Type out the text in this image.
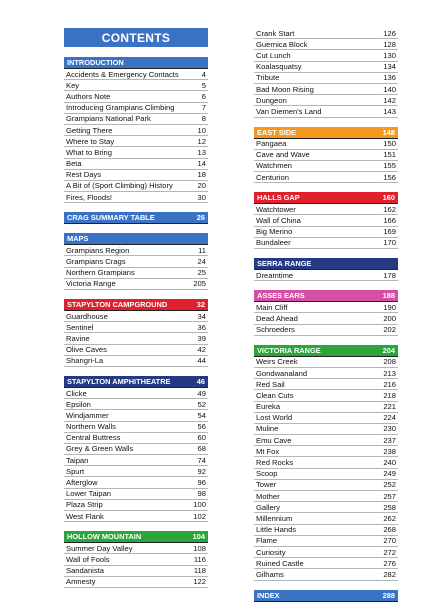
CONTENTS
INTRODUCTION
Accidents & Emergency Contacts	4
Key	5
Authors Note	6
Introducing Grampians Climbing	7
Grampians National Park	8
Getting There	10
Where to Stay	12
What to Bring	13
Beta	14
Rest Days	18
A Bit of (Sport Climbing) History	20
Fires, Floods!	30
CRAG SUMMARY TABLE	26
MAPS
Grampians Region	11
Grampians Crags	24
Northern Grampians	25
Victoria Range	205
STAPYLTON CAMPGROUND	32
Guardhouse	34
Sentinel	36
Ravine	39
Olive Caves	42
Shangri-La	44
STAPYLTON AMPHITHEATRE	46
Clicke	49
Epsilon	52
Windjammer	54
Northern Walls	56
Central Buttress	60
Grey & Green Walls	68
Taipan	74
Spurt	92
Afterglow	96
Lower Taipan	98
Plaza Strip	100
West Flank	102
HOLLOW MOUNTAIN	104
Summer Day Valley	108
Wall of Fools	116
Sandanista	118
Amnesty	122
Crank Start	126
Guernica Block	128
Cut Lunch	130
Koalasquatsy	134
Tribute	136
Bad Moon Rising	140
Dungeon	142
Van Diemen's Land	143
EAST SIDE	148
Pangaea	150
Cave and Wave	151
Watchmen	155
Centurion	156
HALLS GAP	160
Watchtower	162
Wall of China	166
Big Merino	169
Bundaleer	170
SERRA RANGE
Dreamtime	178
ASSES EARS	188
Main Cliff	190
Dead Ahead	200
Schroeders	202
VICTORIA RANGE	204
Weirs Creek	208
Gondwanaland	213
Red Sail	216
Clean Cuts	218
Eureka	221
Lost World	224
Muline	230
Emu Cave	237
Mt Fox	238
Red Rocks	240
Scoop	249
Tower	252
Mother	257
Gallery	258
Millennium	262
Little Hands	268
Flame	270
Curiosity	272
Ruined Castle	276
Gilhams	282
INDEX	288
